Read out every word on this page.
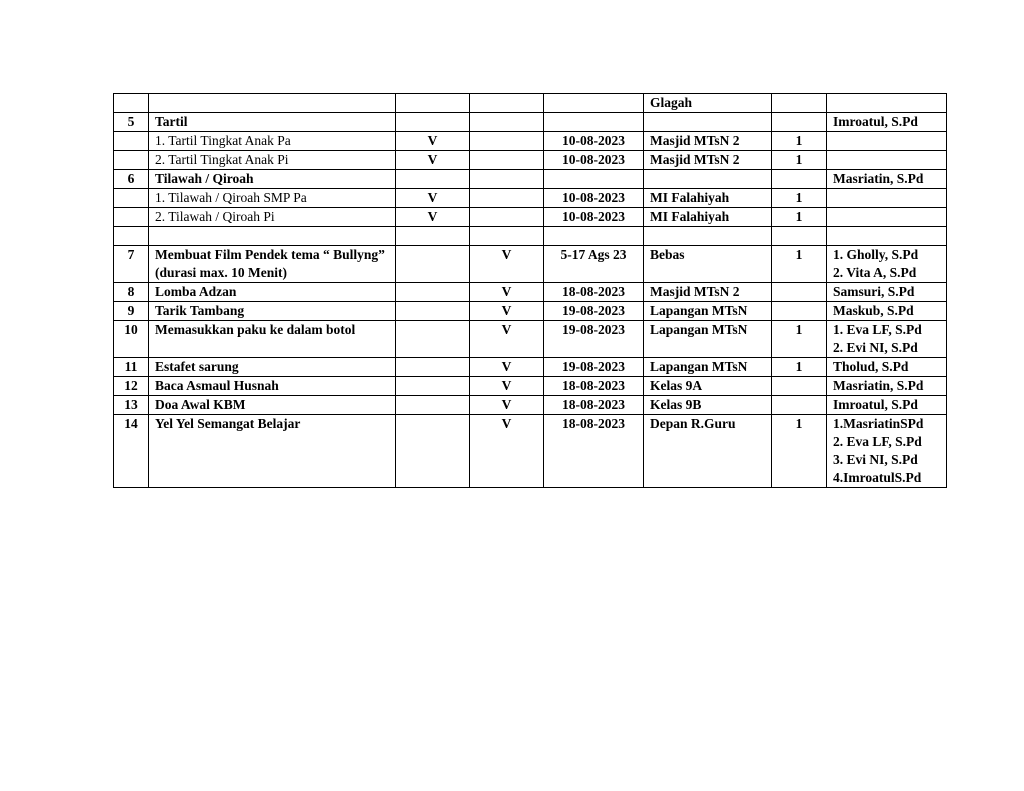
					Glagah		
5	Tartil						Imroatul, S.Pd

	1. Tartil Tingkat Anak Pa	V		10-08-2023	Masjid MTsN 2	1	
	2. Tartil Tingkat Anak Pi	V		10-08-2023	Masjid MTsN 2	1	
6	Tilawah / Qiroah						Masriatin, S.Pd

	1. Tilawah / Qiroah SMP Pa	V		10-08-2023	MI Falahiyah	1	
	2. Tilawah / Qiroah Pi	V		10-08-2023	MI Falahiyah	1	

7	Membuat Film Pendek tema “ Bullyng” (durasi max. 10 Menit)		V	5-17 Ags 23	Bebas	1	1. Gholly, S.Pd
2. Vita A, S.Pd

8	Lomba Adzan		V	18-08-2023	Masjid MTsN 2		Samsuri, S.Pd

9	Tarik Tambang		V	19-08-2023	Lapangan MTsN		Maskub, S.Pd

10	Memasukkan paku ke dalam botol		V	19-08-2023	Lapangan MTsN	1	1. Eva LF, S.Pd
2. Evi NI, S.Pd

11	Estafet sarung		V	19-08-2023	Lapangan MTsN	1	Tholud, S.Pd

12	Baca Asmaul Husnah		V	18-08-2023	Kelas 9A		Masriatin, S.Pd

13	Doa Awal KBM		V	18-08-2023	Kelas 9B		Imroatul, S.Pd

14	Yel Yel Semangat Belajar		V	18-08-2023	Depan R.Guru	1	1.MasriatinSPd
2. Eva LF, S.Pd
3. Evi NI, S.Pd
4.ImroatulS.Pd
